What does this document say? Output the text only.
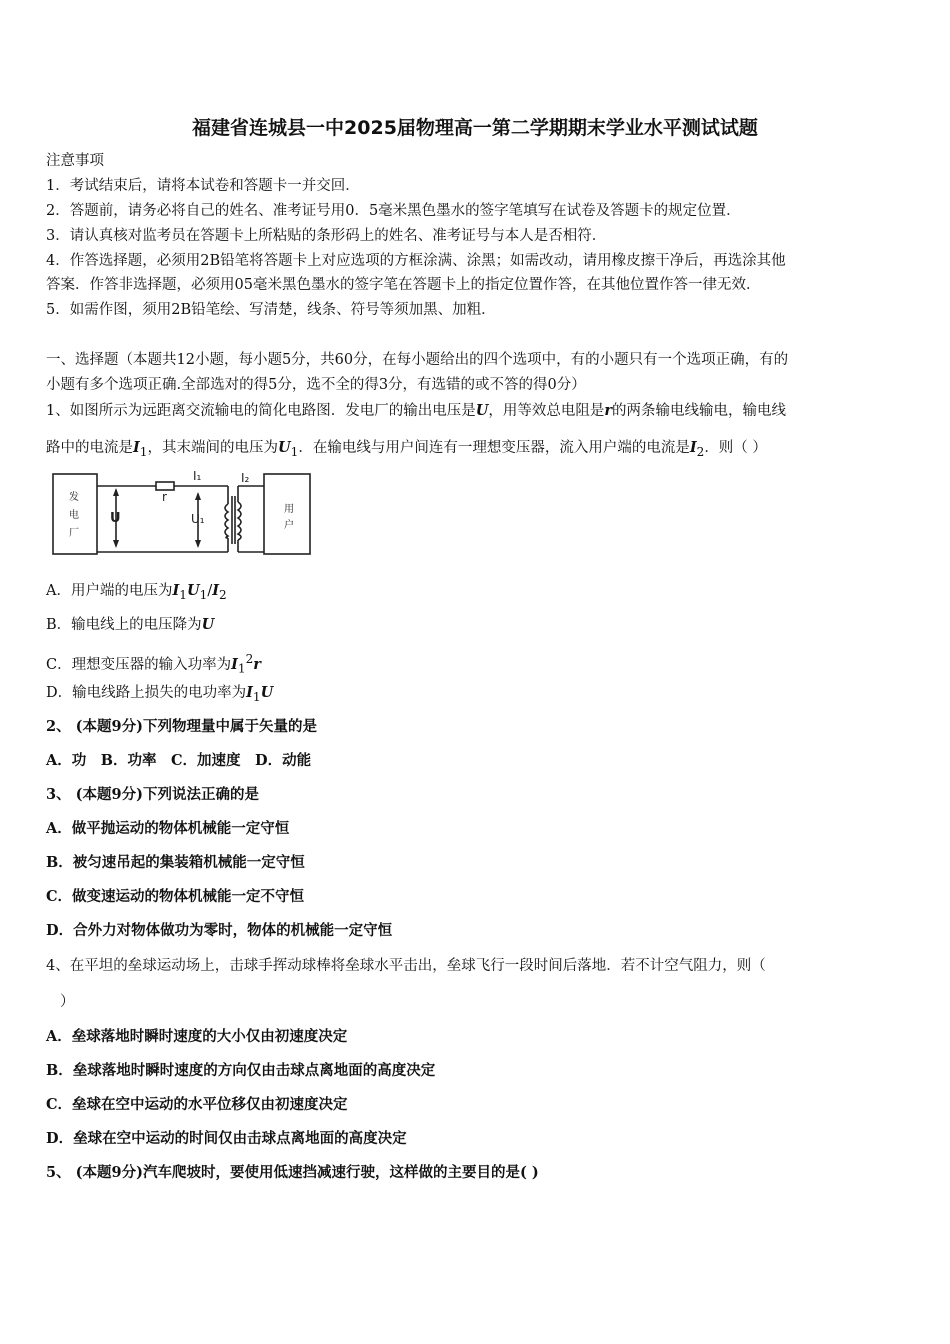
福建省连城县一中2025届物理高一第二学期期末学业水平测试试题
注意事项
1．考试结束后，请将本试卷和答题卡一并交回．
2．答题前，请务必将自己的姓名、准考证号用0．5毫米黑色墨水的签字笔填写在试卷及答题卡的规定位置．
3．请认真核对监考员在答题卡上所粘贴的条形码上的姓名、准考证号与本人是否相符．
4．作答选择题，必须用2B铅笔将答题卡上对应选项的方框涂满、涂黑；如需改动，请用橡皮擦干净后，再选涂其他
答案．作答非选择题，必须用05毫米黑色墨水的签字笔在答题卡上的指定位置作答，在其他位置作答一律无效．
5．如需作图，须用2B铅笔绘、写清楚，线条、符号等须加黑、加粗．
一、选择题（本题共12小题，每小题5分，共60分，在每小题给出的四个选项中，有的小题只有一个选项正确，有的
小题有多个选项正确.全部选对的得5分，选不全的得3分，有选错的或不答的得0分）
1、如图所示为远距离交流输电的简化电路图．发电厂的输出电压是U，用等效总电阻是r的两条输电线输电，输电线
路中的电流是$I_1$，其末端间的电压为$U_1$．在输电线与用户间连有一理想变压器，流入用户端的电流是$I_2$．则（ ）
发
电
厂
用
户
U
r
I₁
U₁
I₂
A．用户端的电压为$I_1U_1/I_2$
B．输电线上的电压降为U
C．理想变压器的输入功率为$I_1^2r$
D．输电线路上损失的电功率为$I_1U$
2、 (本题9分)下列物理量中属于矢量的是
A．功　B．功率　C．加速度　D．动能
3、 (本题9分)下列说法正确的是
A．做平抛运动的物体机械能一定守恒
B．被匀速吊起的集装箱机械能一定守恒
C．做变速运动的物体机械能一定不守恒
D．合外力对物体做功为零时，物体的机械能一定守恒
4、在平坦的垒球运动场上，击球手挥动球棒将垒球水平击出，垒球飞行一段时间后落地．若不计空气阻力，则（
）
A．垒球落地时瞬时速度的大小仅由初速度决定
B．垒球落地时瞬时速度的方向仅由击球点离地面的高度决定
C．垒球在空中运动的水平位移仅由初速度决定
D．垒球在空中运动的时间仅由击球点离地面的高度决定
5、 (本题9分)汽车爬坡时，要使用低速挡减速行驶，这样做的主要目的是( )
